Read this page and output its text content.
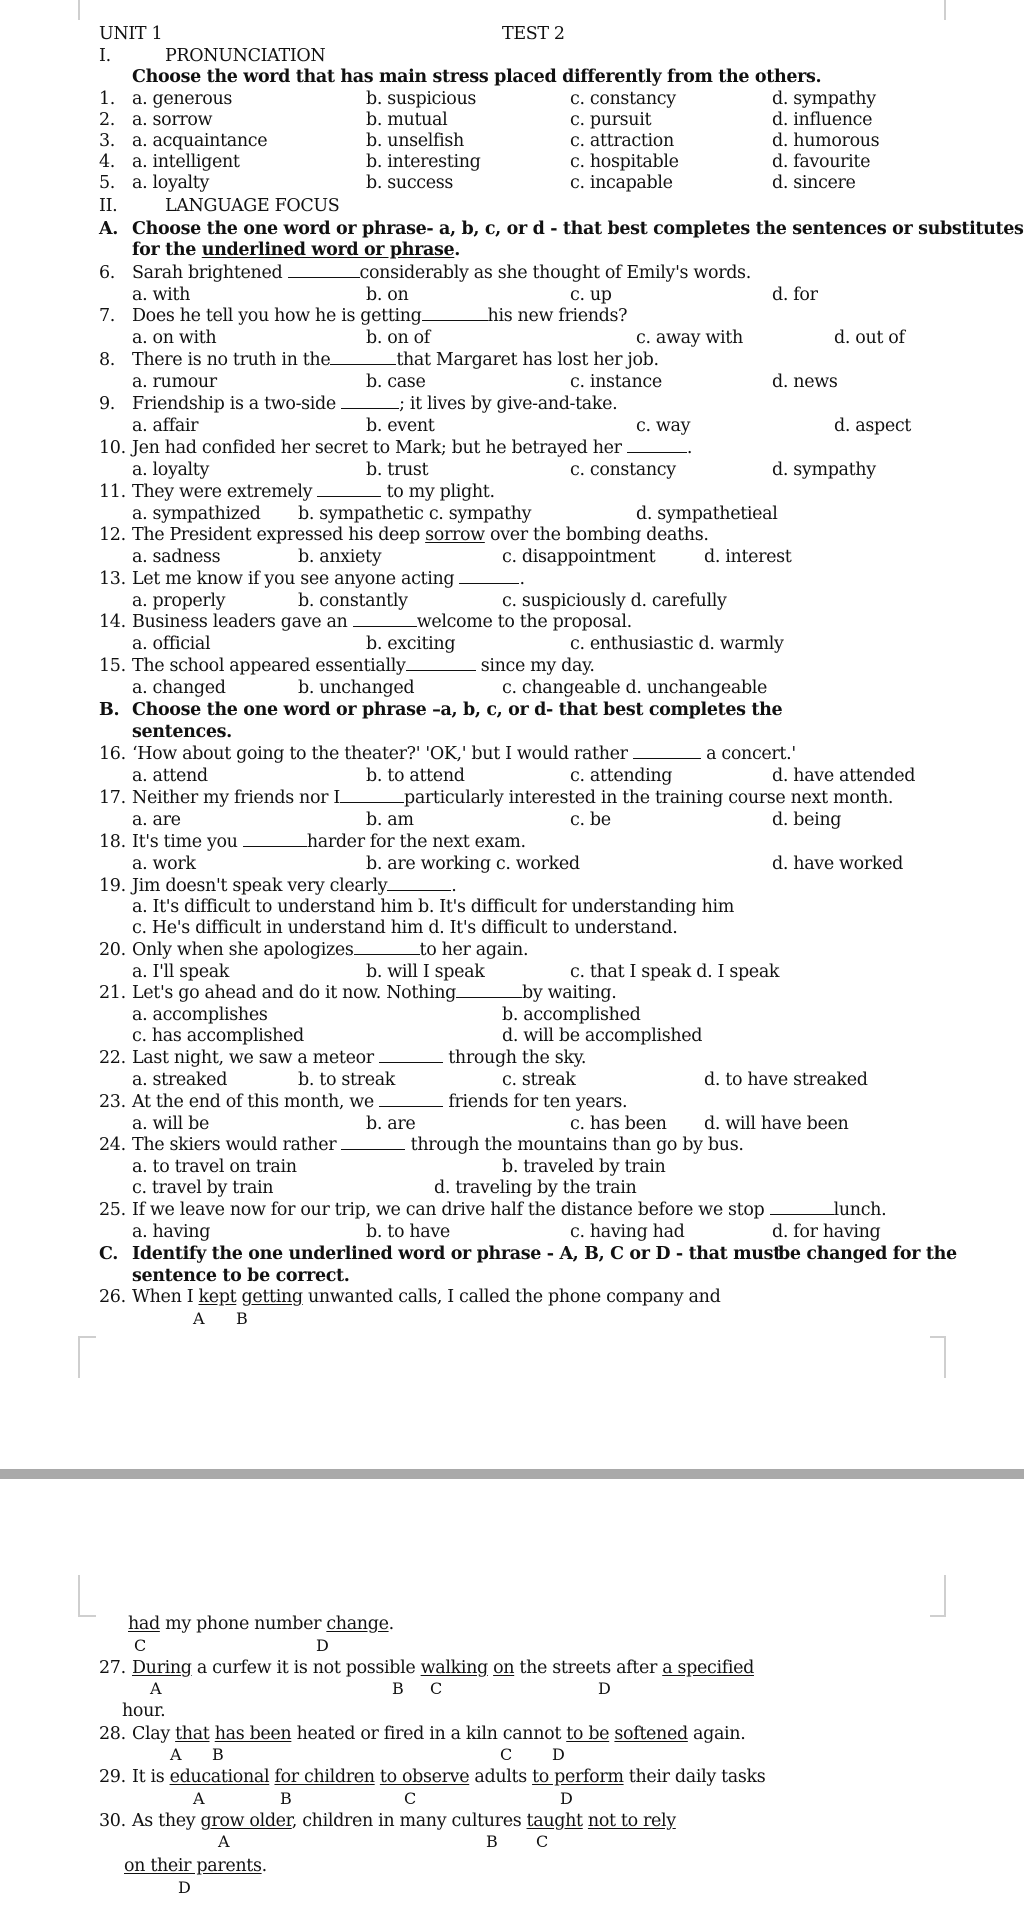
UNIT 1	TEST 2
I.	PRONUNCIATION
Choose the word that has main stress placed differently from the others.
1. a. generous	b. suspicious	c. constancy	d. sympathy
2. a. sorrow	b. mutual	c. pursuit	d. influence
3. a. acquaintance	b. unselfish	c. attraction	d. humorous
4. a. intelligent	b. interesting	c. hospitable	d. favourite
5. a. loyalty	b. success	c. incapable	d. sincere
II.	LANGUAGE FOCUS
A. Choose the one word or phrase- a, b, c, or d - that best completes the sentences or substitutes
for the underlined word or phrase.
6. Sarah brightened	considerably as she thought of Emily's words.
a. with	b. on	c. up	d. for
7. Does he tell you how he is getting	his new friends?
a. on with	b. on of	c. away with	d. out of
8. There is no truth in the	that Margaret has lost her job.
a. rumour	b. case	c. instance	d. news
9. Friendship is a two-side	; it lives by give-and-take.
a. affair	b. event	c. way	d. aspect
10. Jen had confided her secret to Mark; but he betrayed her	.
a. loyalty	b. trust	c. constancy	d. sympathy
11. They were extremely	to my plight.
a. sympathized b. sympathetic c. sympathy	d. sympathetieal
12. The President expressed his deep sorrow over the bombing deaths.
a. sadness	b. anxiety	c. disappointment	d. interest
13. Let me know if you see anyone acting	.
a. properly	b. constantly	c. suspiciously d. carefully
14. Business leaders gave an	welcome to the proposal.
a. official	b. exciting	c. enthusiastic d. warmly
15. The school appeared essentially	since my day.
a. changed	b. unchanged	c. changeable d. unchangeable
B. Choose the one word or phrase –a, b, c, or d- that best completes the
sentences.
16. ‘How about going to the theater?' 'OK,' but I would rather	a concert.'
a. attend	b. to attend	c. attending	d. have attended
17. Neither my friends nor I	particularly interested in the training course next month.
a. are	b. am	c. be	d. being
18. It's time you	harder for the next exam.
a. work	b. are working c. worked	d. have worked
19. Jim doesn't speak very clearly	.
a. It's difficult to understand him b. It's difficult for understanding him
c. He's difficult in understand him d. It's difficult to understand.
20. Only when she apologizes	to her again.
a. I'll speak	b. will I speak	c. that I speak d. I speak
21. Let's go ahead and do it now. Nothing	by waiting.
a. accomplishes	b. accomplished
c. has accomplished	d. will be accomplished
22. Last night, we saw a meteor	through the sky.
a. streaked	b. to streak	c. streak	d. to have streaked
23. At the end of this month, we	friends for ten years.
a. will be	b. are	c. has been d. will have been
24. The skiers would rather	through the mountains than go by bus.
a. to travel on train	b. traveled by train
c. travel by train	d. traveling by the train
25. If we leave now for our trip, we can drive half the distance before we stop	lunch.
a. having	b. to have	c. having had	d. for having
C. Identify the one underlined word or phrase - A, B, C or D - that must
be changed for the
sentence to be correct.
26. When I kept getting unwanted calls, I called the phone company and
A B
had my phone number change.
C	D
27. During a curfew it is not possible walking on the streets after a specified
A	B C	D
hour.
28. Clay that has been heated or fired in a kiln cannot to be softened again.
A B	C	D
29. It is educational for children to observe adults to perform their daily tasks
A	B	C	D
30. As they grow older, children in many cultures taught not to rely
A	B C
on their parents.
D
